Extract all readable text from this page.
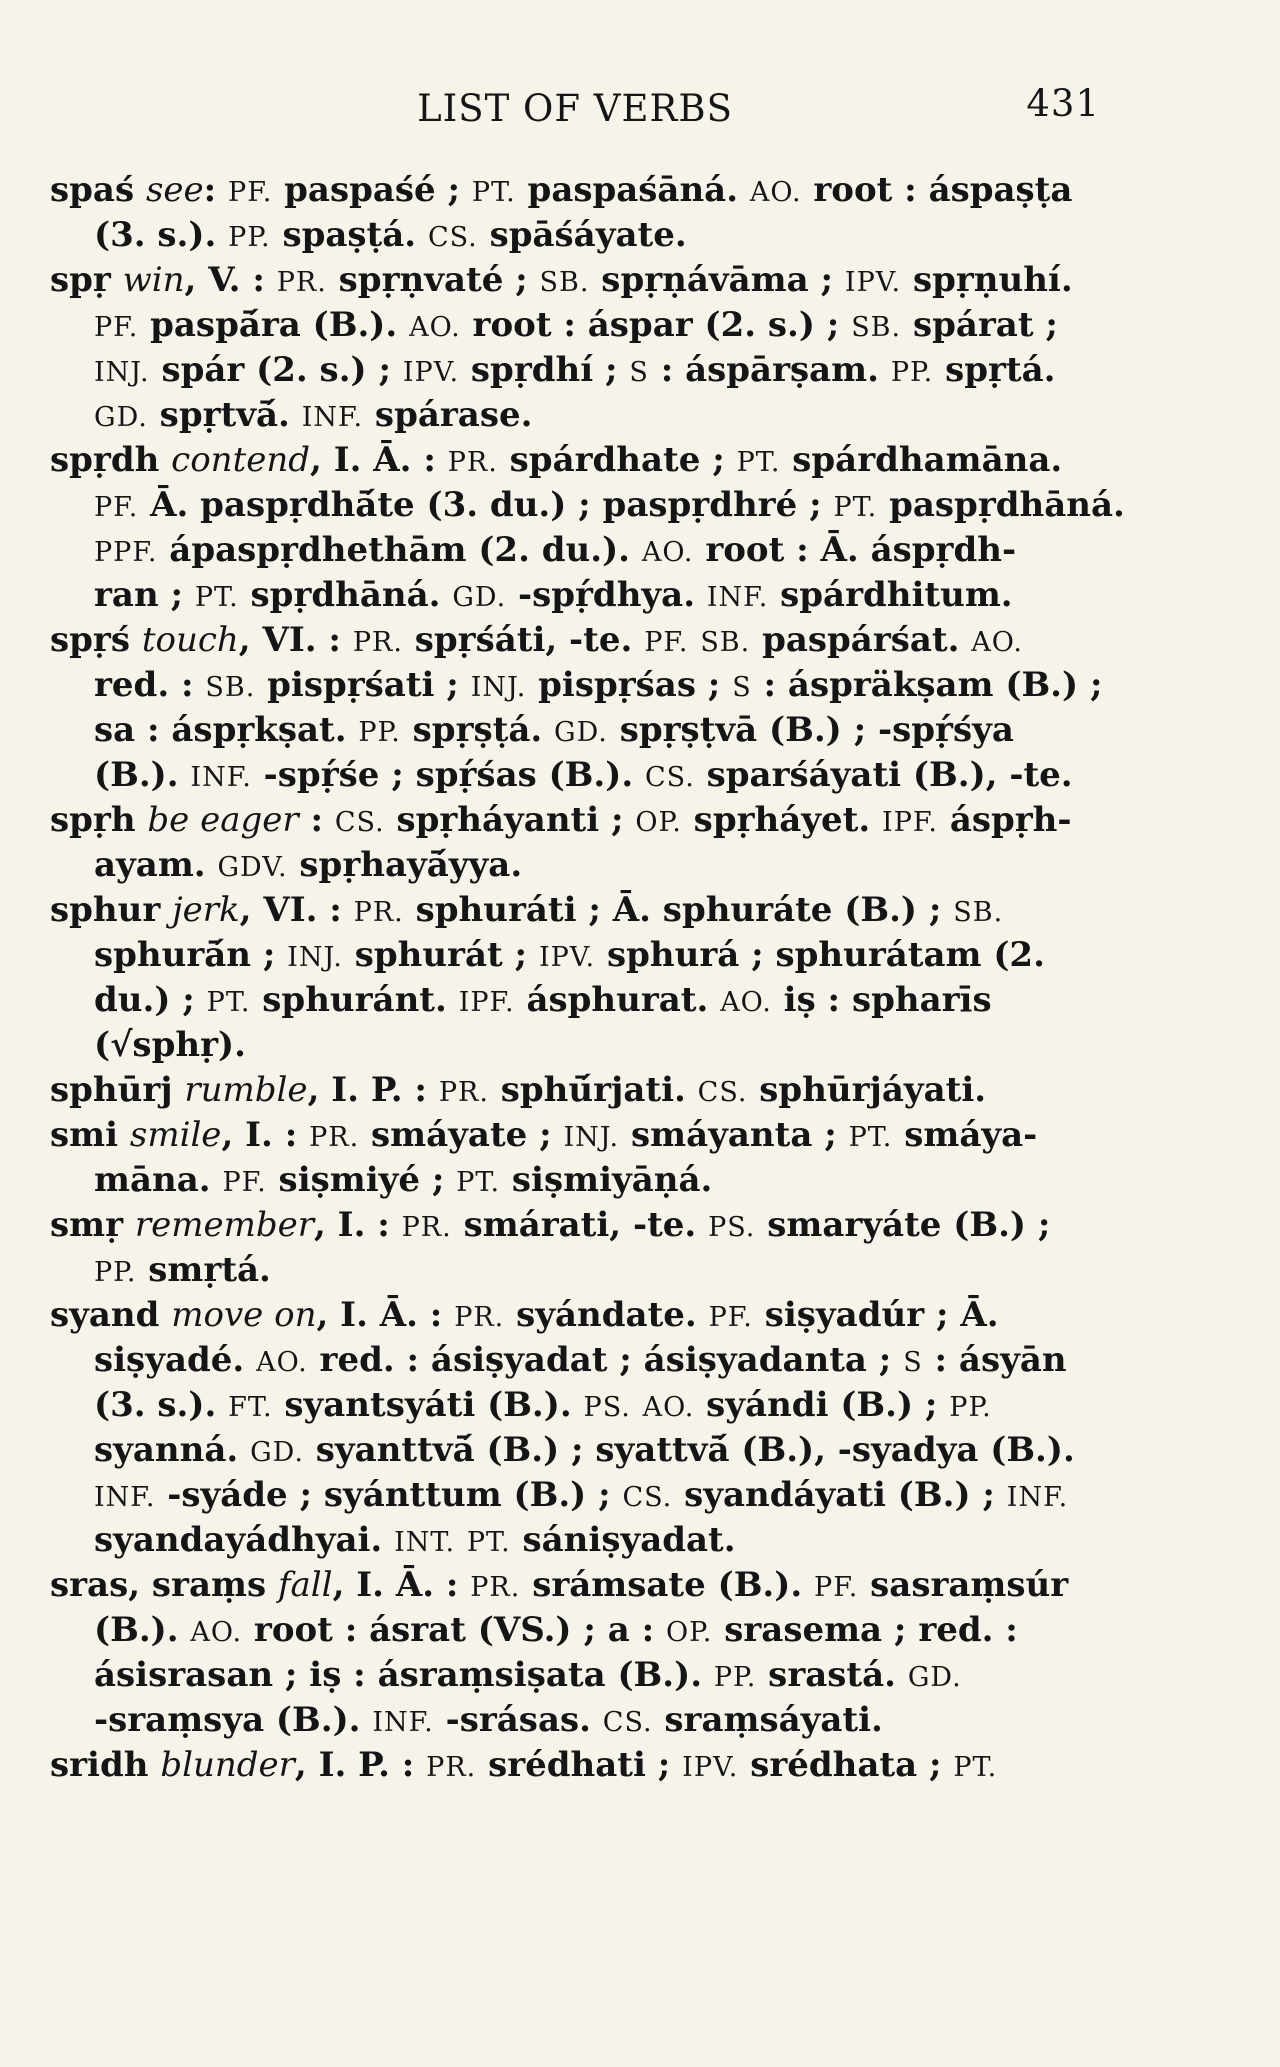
LIST OF VERBS	431
spaś see: PF. paspaśé ; PT. paspaśāná. AO. root : áspaṣṭa
(3. s.). PP. spaṣṭá. CS. spāśáyate.
spṛ win, V. : PR. spṛṇvaté ; SB. spṛṇávāma ; IPV. spṛṇuhí.
PF. paspā́ra (B.). AO. root : áspar (2. s.) ; SB. spárat ;
INJ. spár (2. s.) ; IPV. spṛdhí ; S : áspārṣam. PP. spṛtá.
GD. spṛtvā́. INF. spárase.
spṛdh contend, I. Ā. : PR. spárdhate ; PT. spárdhamāna.
PF. Ā. paspṛdhā́te (3. du.) ; paspṛdhré ; PT. paspṛdhāná.
PPF. ápaspṛdhethām (2. du.). AO. root : Ā. áspṛdh-
ran ; PT. spṛdhāná. GD. -spṛ́dhya. INF. spárdhitum.
spṛś touch, VI. : PR. spṛśáti, -te. PF. SB. paspárśat. AO.
red. : SB. pispṛśati ; INJ. pispṛśas ; S : áspräkṣam (B.) ;
sa : áspṛkṣat. PP. spṛṣṭá. GD. spṛṣṭvā (B.) ; -spṛ́śya
(B.). INF. -spṛ́śe ; spṛ́śas (B.). CS. sparśáyati (B.), -te.
spṛh be eager : CS. spṛháyanti ; OP. spṛháyet. IPF. áspṛh-
ayam. GDV. spṛhayā́yya.
sphur jerk, VI. : PR. sphuráti ; Ā. sphuráte (B.) ; SB.
sphurā́n ; INJ. sphurát ; IPV. sphurá ; sphurátam (2.
du.) ; PT. sphuránt. IPF. ásphurat. AO. iṣ : spharīs
(√sphṛ).
sphūrj rumble, I. P. : PR. sphū́rjati. CS. sphūrjáyati.
smi smile, I. : PR. smáyate ; INJ. smáyanta ; PT. smáya-
māna. PF. siṣmiyé ; PT. siṣmiyāṇá.
smṛ remember, I. : PR. smárati, -te. PS. smaryáte (B.) ;
PP. smṛtá.
syand move on, I. Ā. : PR. syándate. PF. siṣyadúr ; Ā.
siṣyadé. AO. red. : ásiṣyadat ; ásiṣyadanta ; S : ásyān
(3. s.). FT. syantsyáti (B.). PS. AO. syándi (B.) ; PP.
syanná. GD. syanttvā́ (B.) ; syattvā́ (B.), -syadya (B.).
INF. -syáde ; syánttum (B.) ; CS. syandáyati (B.) ; INF.
syandayádhyai. INT. PT. sániṣyadat.
sras, sraṃs fall, I. Ā. : PR. srámsate (B.). PF. sasraṃsúr
(B.). AO. root : ásrat (VS.) ; a : OP. srasema ; red. :
ásisrasan ; iṣ : ásraṃsiṣata (B.). PP. srastá. GD.
-sraṃsya (B.). INF. -srásas. CS. sraṃsáyati.
sridh blunder, I. P. : PR. srédhati ; IPV. srédhata ; PT.
